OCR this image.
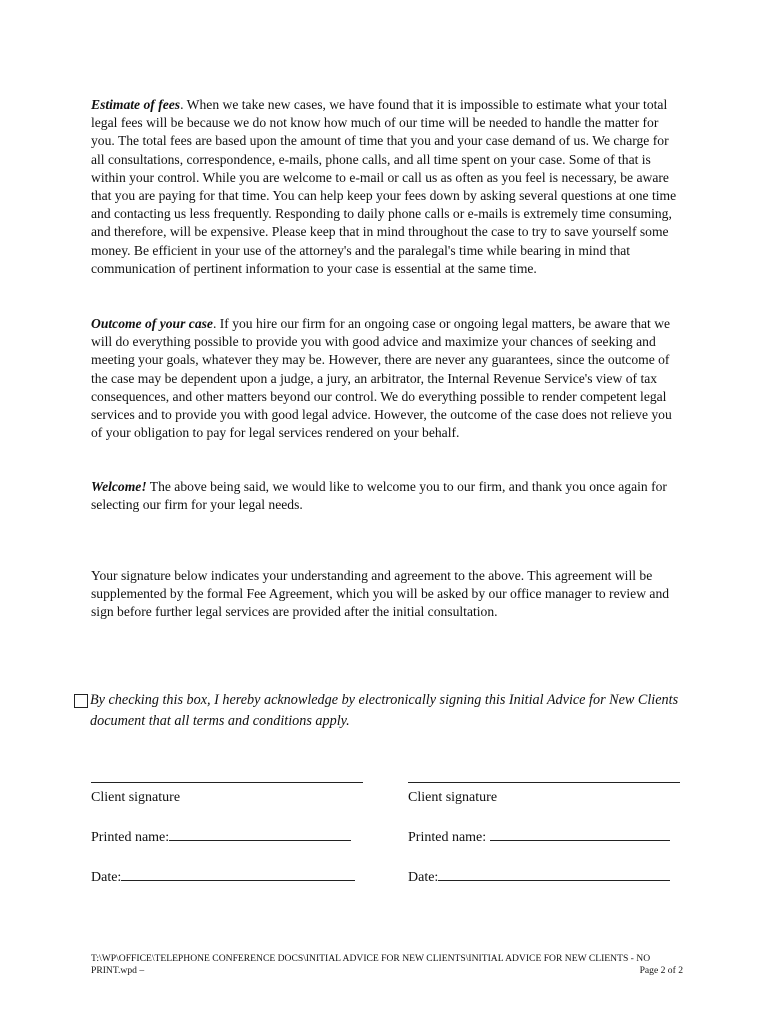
Estimate of fees. When we take new cases, we have found that it is impossible to estimate what your total legal fees will be because we do not know how much of our time will be needed to handle the matter for you. The total fees are based upon the amount of time that you and your case demand of us. We charge for all consultations, correspondence, e-mails, phone calls, and all time spent on your case. Some of that is within your control. While you are welcome to e-mail or call us as often as you feel is necessary, be aware that you are paying for that time. You can help keep your fees down by asking several questions at one time and contacting us less frequently. Responding to daily phone calls or e-mails is extremely time consuming, and therefore, will be expensive. Please keep that in mind throughout the case to try to save yourself some money. Be efficient in your use of the attorney's and the paralegal's time while bearing in mind that communication of pertinent information to your case is essential at the same time.

Outcome of your case. If you hire our firm for an ongoing case or ongoing legal matters, be aware that we will do everything possible to provide you with good advice and maximize your chances of seeking and meeting your goals, whatever they may be. However, there are never any guarantees, since the outcome of the case may be dependent upon a judge, a jury, an arbitrator, the Internal Revenue Service's view of tax consequences, and other matters beyond our control. We do everything possible to render competent legal services and to provide you with good legal advice. However, the outcome of the case does not relieve you of your obligation to pay for legal services rendered on your behalf.

Welcome! The above being said, we would like to welcome you to our firm, and thank you once again for selecting our firm for your legal needs.

Your signature below indicates your understanding and agreement to the above. This agreement will be supplemented by the formal Fee Agreement, which you will be asked by our office manager to review and sign before further legal services are provided after the initial consultation.

By checking this box, I hereby acknowledge by electronically signing this Initial Advice for New Clients document that all terms and conditions apply.
Client signature
Printed name:
Date:
Client signature
Printed name:
Date:
T:\WP\OFFICE\TELEPHONE CONFERENCE DOCS\INITIAL ADVICE FOR NEW CLIENTS\INITIAL ADVICE FOR NEW CLIENTS - NO PRINT.wpd –	Page 2 of 2
